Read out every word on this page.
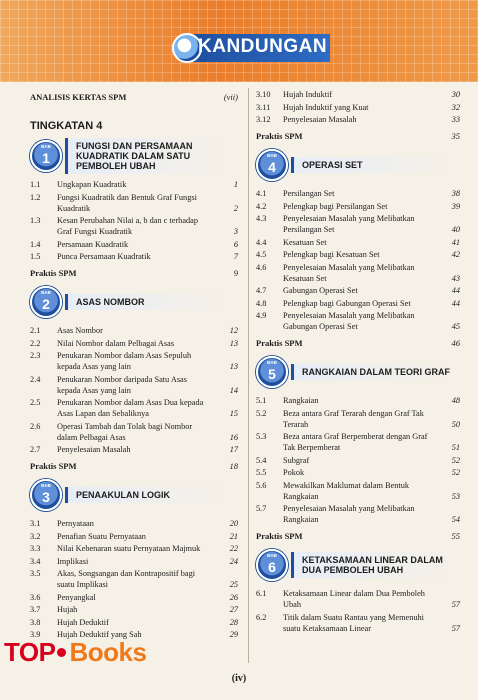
KANDUNGAN
ANALISIS KERTAS SPM	(vii)
TINGKATAN 4
BAB
1
FUNGSI DAN PERSAMAAN KUADRATIK DALAM SATU PEMBOLEH UBAH
1.1	Ungkapan Kuadratik	1
1.2	Fungsi Kuadratik dan Bentuk Graf Fungsi Kuadratik	2
1.3	Kesan Perubahan Nilai a, b dan c terhadap Graf Fungsi Kuadratik	3
1.4	Persamaan Kuadratik	6
1.5	Punca Persamaan Kuadratik	7
Praktis SPM	9
BAB
2	ASAS NOMBOR
2.1	Asas Nombor	12
2.2	Nilai Nombor dalam Pelbagai Asas	13
2.3	Penukaran Nombor dalam Asas Sepuluh kepada Asas yang lain	13
2.4	Penukaran Nombor daripada Satu Asas kepada Asas yang lain	14
2.5	Penukaran Nombor dalam Asas Dua kepada Asas Lapan dan Sebaliknya	15
2.6	Operasi Tambah dan Tolak bagi Nombor dalam Pelbagai Asas	16
2.7	Penyelesaian Masalah	17
Praktis SPM	18
BAB
3	PENAAKULAN LOGIK
3.1	Pernyataan	20
3.2	Penafian Suatu Pernyataan	21
3.3	Nilai Kebenaran suatu Pernyataan Majmuk	22
3.4	Implikasi	24
3.5	Akas, Songsangan dan Kontrapositif bagi suatu Implikasi	25
3.6	Penyangkal	26
3.7	Hujah	27
3.8	Hujah Deduktif	28
3.9	Hujah Deduktif yang Sah	29
3.10	Hujah Induktif	30
3.11	Hujah Induktif yang Kuat	32
3.12	Penyelesaian Masalah	33
Praktis SPM	35
BAB
4	OPERASI SET
4.1	Persilangan Set	38
4.2	Pelengkap bagi Persilangan Set	39
4.3	Penyelesaian Masalah yang Melibatkan Persilangan Set	40
4.4	Kesatuan Set	41
4.5	Pelengkap bagi Kesatuan Set	42
4.6	Penyelesaian Masalah yang Melibatkan Kesatuan Set	43
4.7	Gabungan Operasi Set	44
4.8	Pelengkap bagi Gabungan Operasi Set	44
4.9	Penyelesaian Masalah yang Melibatkan Gabungan Operasi Set	45
Praktis SPM	46
BAB
5	RANGKAIAN DALAM TEORI GRAF
5.1	Rangkaian	48
5.2	Beza antara Graf Terarah dengan Graf Tak Terarah	50
5.3	Beza antara Graf Berpemberat dengan Graf Tak Berpemberat	51
5.4	Subgraf	52
5.5	Pokok	52
5.6	Mewakilkan Maklumat dalam Bentuk Rangkaian	53
5.7	Penyelesaian Masalah yang Melibatkan Rangkaian	54
Praktis SPM	55
BAB
6	KETAKSAMAAN LINEAR DALAM DUA PEMBOLEH UBAH
6.1	Ketaksamaan Linear dalam Dua Pemboleh Ubah	57
6.2	Titik dalam Suatu Rantau yang Memenuhi suatu Ketaksamaan Linear	57
(iv)
TOP Books
